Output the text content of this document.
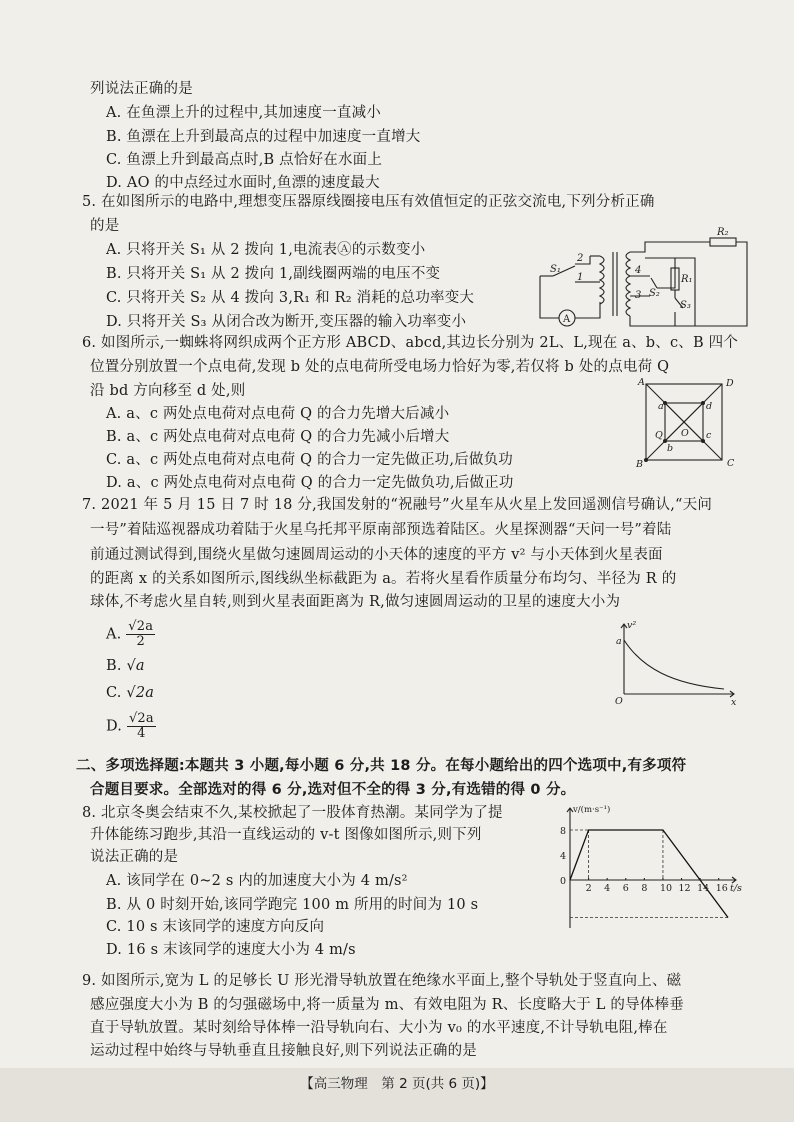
列说法正确的是
A. 在鱼漂上升的过程中,其加速度一直减小
B. 鱼漂在上升到最高点的过程中加速度一直增大
C. 鱼漂上升到最高点时,B 点恰好在水面上
D. AO 的中点经过水面时,鱼漂的速度最大
5. 在如图所示的电路中,理想变压器原线圈接电压有效值恒定的正弦交流电,下列分析正确
的是
A. 只将开关 S₁ 从 2 拨向 1,电流表Ⓐ的示数变小
B. 只将开关 S₁ 从 2 拨向 1,副线圈两端的电压不变
C. 只将开关 S₂ 从 4 拨向 3,R₁ 和 R₂ 消耗的总功率变大
D. 只将开关 S₃ 从闭合改为断开,变压器的输入功率变小
S₁
2
1
4
3 S₂
R₁
R₂
S₃
A
6. 如图所示,一蜘蛛将网织成两个正方形 ABCD、abcd,其边长分别为 2L、L,现在 a、b、c、B 四个
位置分别放置一个点电荷,发现 b 处的点电荷所受电场力恰好为零,若仅将 b 处的点电荷 Q
沿 bd 方向移至 d 处,则
A. a、c 两处点电荷对点电荷 Q 的合力先增大后减小
B. a、c 两处点电荷对点电荷 Q 的合力先减小后增大
C. a、c 两处点电荷对点电荷 Q 的合力一定先做正功,后做负功
D. a、c 两处点电荷对点电荷 Q 的合力一定先做负功,后做正功
A	D
B	C
a	d
c
b
O
Q
7. 2021 年 5 月 15 日 7 时 18 分,我国发射的“祝融号”火星车从火星上发回遥测信号确认,“天问
一号”着陆巡视器成功着陆于火星乌托邦平原南部预选着陆区。火星探测器“天问一号”着陆
前通过测试得到,围绕火星做匀速圆周运动的小天体的速度的平方 v² 与小天体到火星表面
的距离 x 的关系如图所示,图线纵坐标截距为 a。若将火星看作质量分布均匀、半径为 R 的
球体,不考虑火星自转,则到火星表面距离为 R,做匀速圆周运动的卫星的速度大小为
A. $\frac{√2a}{2}$
B. √a
C. √2a
D. $\frac{√2a}{4}$
v²
x
O
a
二、多项选择题:本题共 3 小题,每小题 6 分,共 18 分。在每小题给出的四个选项中,有多项符
合题目要求。全部选对的得 6 分,选对但不全的得 3 分,有选错的得 0 分。
8. 北京冬奥会结束不久,某校掀起了一股体育热潮。某同学为了提
升体能练习跑步,其沿一直线运动的 v-t 图像如图所示,则下列
说法正确的是
A. 该同学在 0~2 s 内的加速度大小为 4 m/s²
B. 从 0 时刻开始,该同学跑完 100 m 所用的时间为 10 s
C. 10 s 末该同学的速度方向反向
D. 16 s 末该同学的速度大小为 4 m/s
2 4 6 8 10 12 14 16
8
4
0
v/(m·s⁻¹)
t/s
9. 如图所示,宽为 L 的足够长 U 形光滑导轨放置在绝缘水平面上,整个导轨处于竖直向上、磁
感应强度大小为 B 的匀强磁场中,将一质量为 m、有效电阻为 R、长度略大于 L 的导体棒垂
直于导轨放置。某时刻给导体棒一沿导轨向右、大小为 v₀ 的水平速度,不计导轨电阻,棒在
运动过程中始终与导轨垂直且接触良好,则下列说法正确的是
【高三物理　第 2 页(共 6 页)】
